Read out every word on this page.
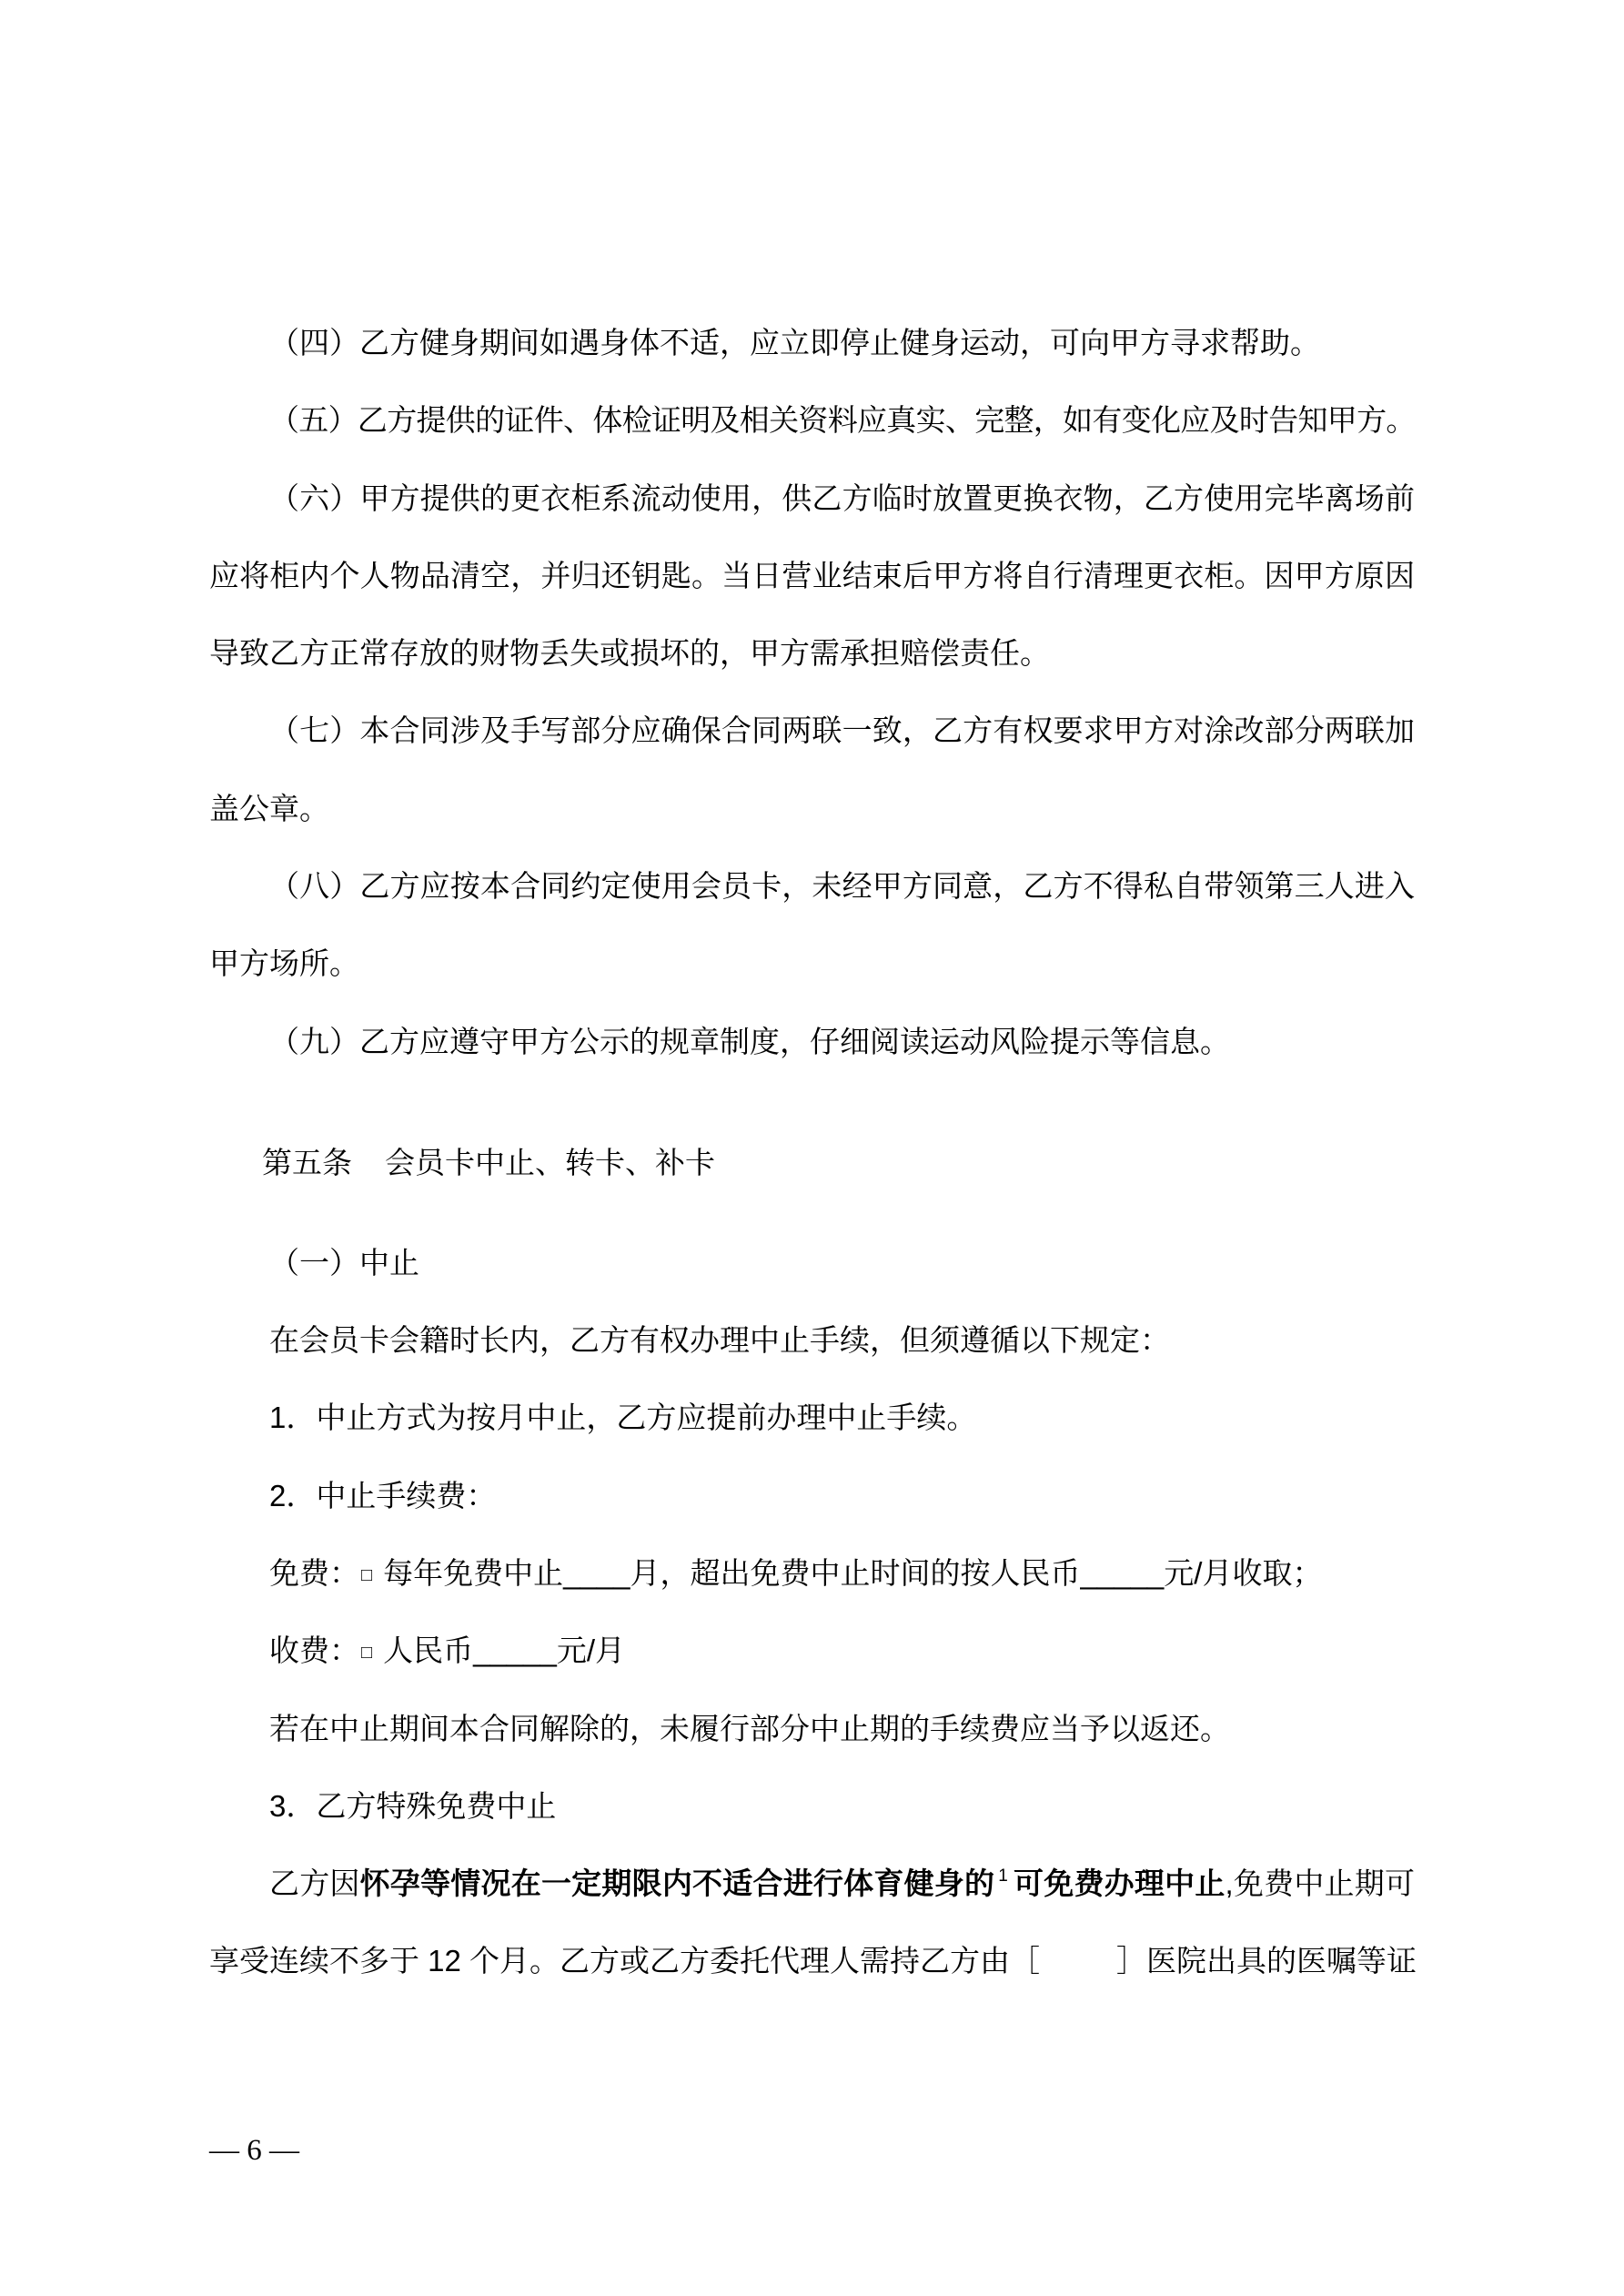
（四）乙方健身期间如遇身体不适，应立即停止健身运动，可向甲方寻求帮助。
（五）乙方提供的证件、体检证明及相关资料应真实、完整，如有变化应及时告知甲方。
（六）甲方提供的更衣柜系流动使用，供乙方临时放置更换衣物，乙方使用完毕离场前
应将柜内个人物品清空，并归还钥匙。当日营业结束后甲方将自行清理更衣柜。因甲方原因
导致乙方正常存放的财物丢失或损坏的，甲方需承担赔偿责任。
（七）本合同涉及手写部分应确保合同两联一致，乙方有权要求甲方对涂改部分两联加
盖公章。
（八）乙方应按本合同约定使用会员卡，未经甲方同意，乙方不得私自带领第三人进入
甲方场所。
（九）乙方应遵守甲方公示的规章制度，仔细阅读运动风险提示等信息。
第五条 会员卡中止、转卡、补卡
（一）中止
在会员卡会籍时长内，乙方有权办理中止手续，但须遵循以下规定：
1．中止方式为按月中止，乙方应提前办理中止手续。
2．中止手续费：
免费： □ 每年免费中止____月，超出免费中止时间的按人民币_____元/月收取；
收费： □ 人民币_____元/月
若在中止期间本合同解除的，未履行部分中止期的手续费应当予以返还。
3．乙方特殊免费中止
乙方因怀孕等情况在一定期限内不适合进行体育健身的 $^1$ 可免费办理中止,免费中止期可
享受连续不多于 12 个月。乙方或乙方委托代理人需持乙方由［	］医院出具的医嘱等证
— 6 —
